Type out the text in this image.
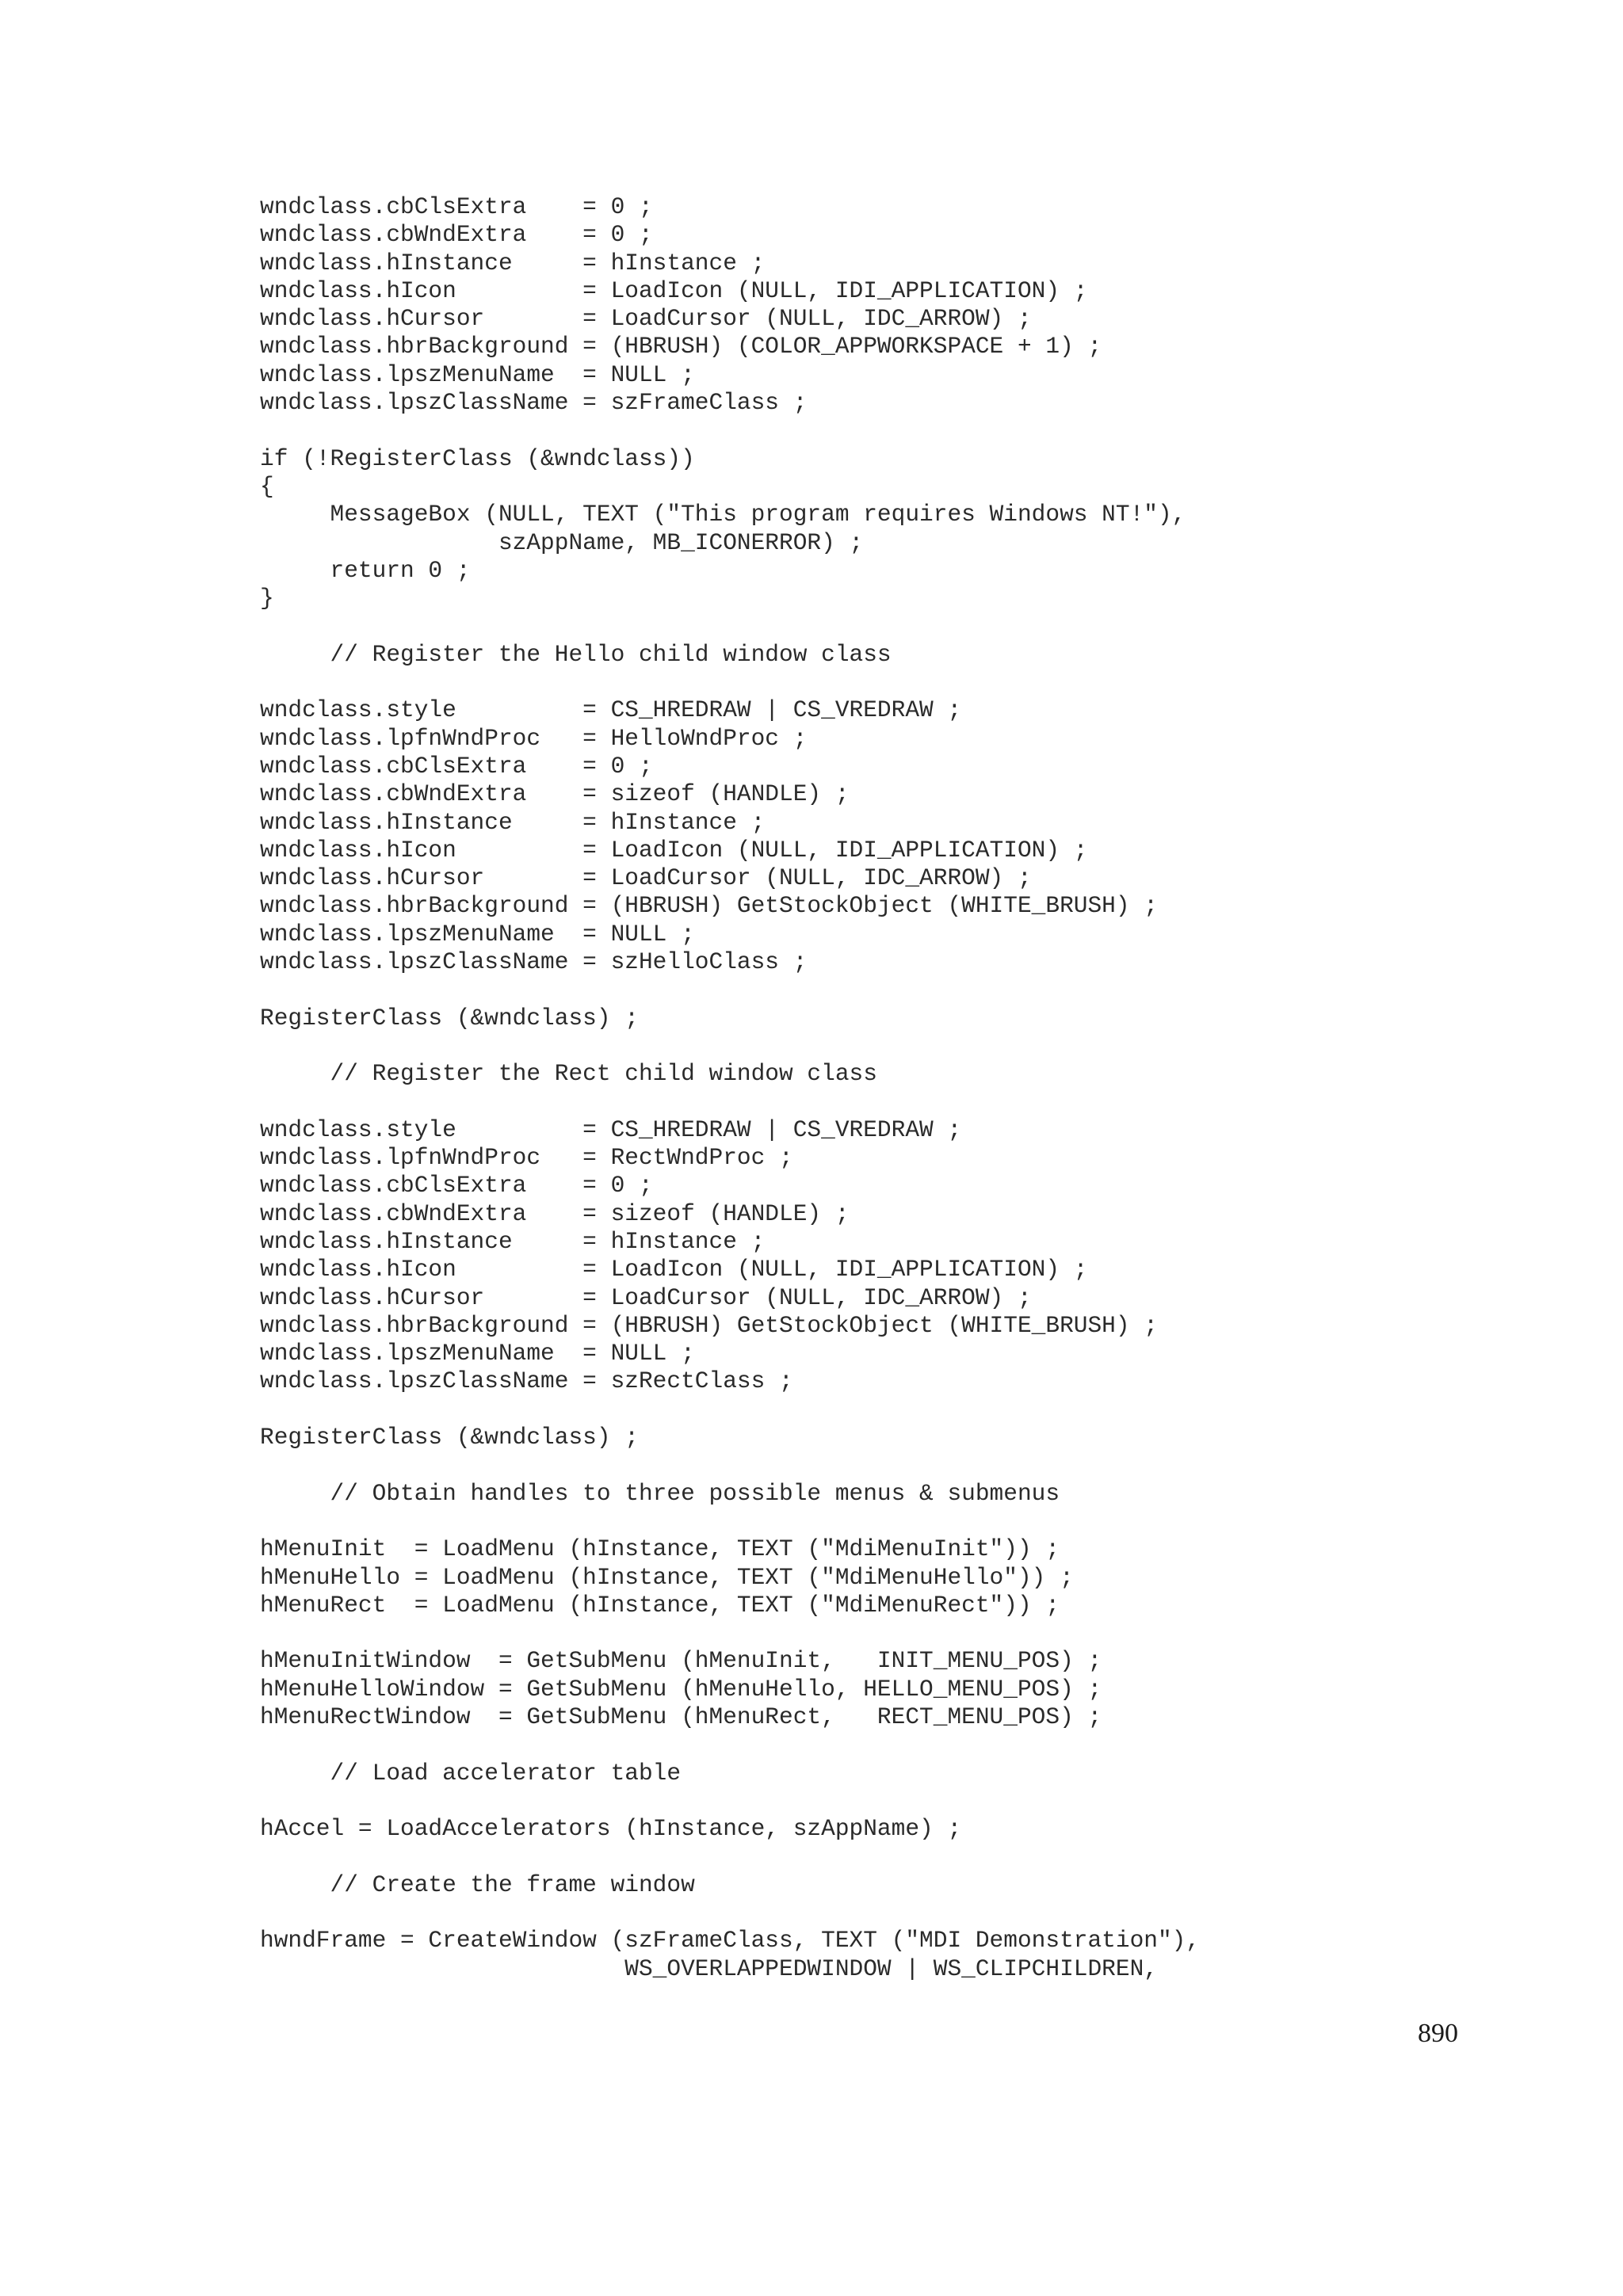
wndclass.cbClsExtra    = 0 ;
wndclass.cbWndExtra    = 0 ;
wndclass.hInstance     = hInstance ;
wndclass.hIcon         = LoadIcon (NULL, IDI_APPLICATION) ;
wndclass.hCursor       = LoadCursor (NULL, IDC_ARROW) ;
wndclass.hbrBackground = (HBRUSH) (COLOR_APPWORKSPACE + 1) ;
wndclass.lpszMenuName  = NULL ;
wndclass.lpszClassName = szFrameClass ;
if (!RegisterClass (&wndclass))
{
MessageBox (NULL, TEXT ("This program requires Windows NT!"),
szAppName, MB_ICONERROR) ;
return 0 ;
}
// Register the Hello child window class
wndclass.style         = CS_HREDRAW | CS_VREDRAW ;
wndclass.lpfnWndProc   = HelloWndProc ;
wndclass.cbClsExtra    = 0 ;
wndclass.cbWndExtra    = sizeof (HANDLE) ;
wndclass.hInstance     = hInstance ;
wndclass.hIcon         = LoadIcon (NULL, IDI_APPLICATION) ;
wndclass.hCursor       = LoadCursor (NULL, IDC_ARROW) ;
wndclass.hbrBackground = (HBRUSH) GetStockObject (WHITE_BRUSH) ;
wndclass.lpszMenuName  = NULL ;
wndclass.lpszClassName = szHelloClass ;
RegisterClass (&wndclass) ;
// Register the Rect child window class
wndclass.style         = CS_HREDRAW | CS_VREDRAW ;
wndclass.lpfnWndProc   = RectWndProc ;
wndclass.cbClsExtra    = 0 ;
wndclass.cbWndExtra    = sizeof (HANDLE) ;
wndclass.hInstance     = hInstance ;
wndclass.hIcon         = LoadIcon (NULL, IDI_APPLICATION) ;
wndclass.hCursor       = LoadCursor (NULL, IDC_ARROW) ;
wndclass.hbrBackground = (HBRUSH) GetStockObject (WHITE_BRUSH) ;
wndclass.lpszMenuName  = NULL ;
wndclass.lpszClassName = szRectClass ;
RegisterClass (&wndclass) ;
// Obtain handles to three possible menus & submenus
hMenuInit  = LoadMenu (hInstance, TEXT ("MdiMenuInit")) ;
hMenuHello = LoadMenu (hInstance, TEXT ("MdiMenuHello")) ;
hMenuRect  = LoadMenu (hInstance, TEXT ("MdiMenuRect")) ;
hMenuInitWindow  = GetSubMenu (hMenuInit,   INIT_MENU_POS) ;
hMenuHelloWindow = GetSubMenu (hMenuHello, HELLO_MENU_POS) ;
hMenuRectWindow  = GetSubMenu (hMenuRect,   RECT_MENU_POS) ;
// Load accelerator table
hAccel = LoadAccelerators (hInstance, szAppName) ;
// Create the frame window
hwndFrame = CreateWindow (szFrameClass, TEXT ("MDI Demonstration"),
WS_OVERLAPPEDWINDOW | WS_CLIPCHILDREN,
890
